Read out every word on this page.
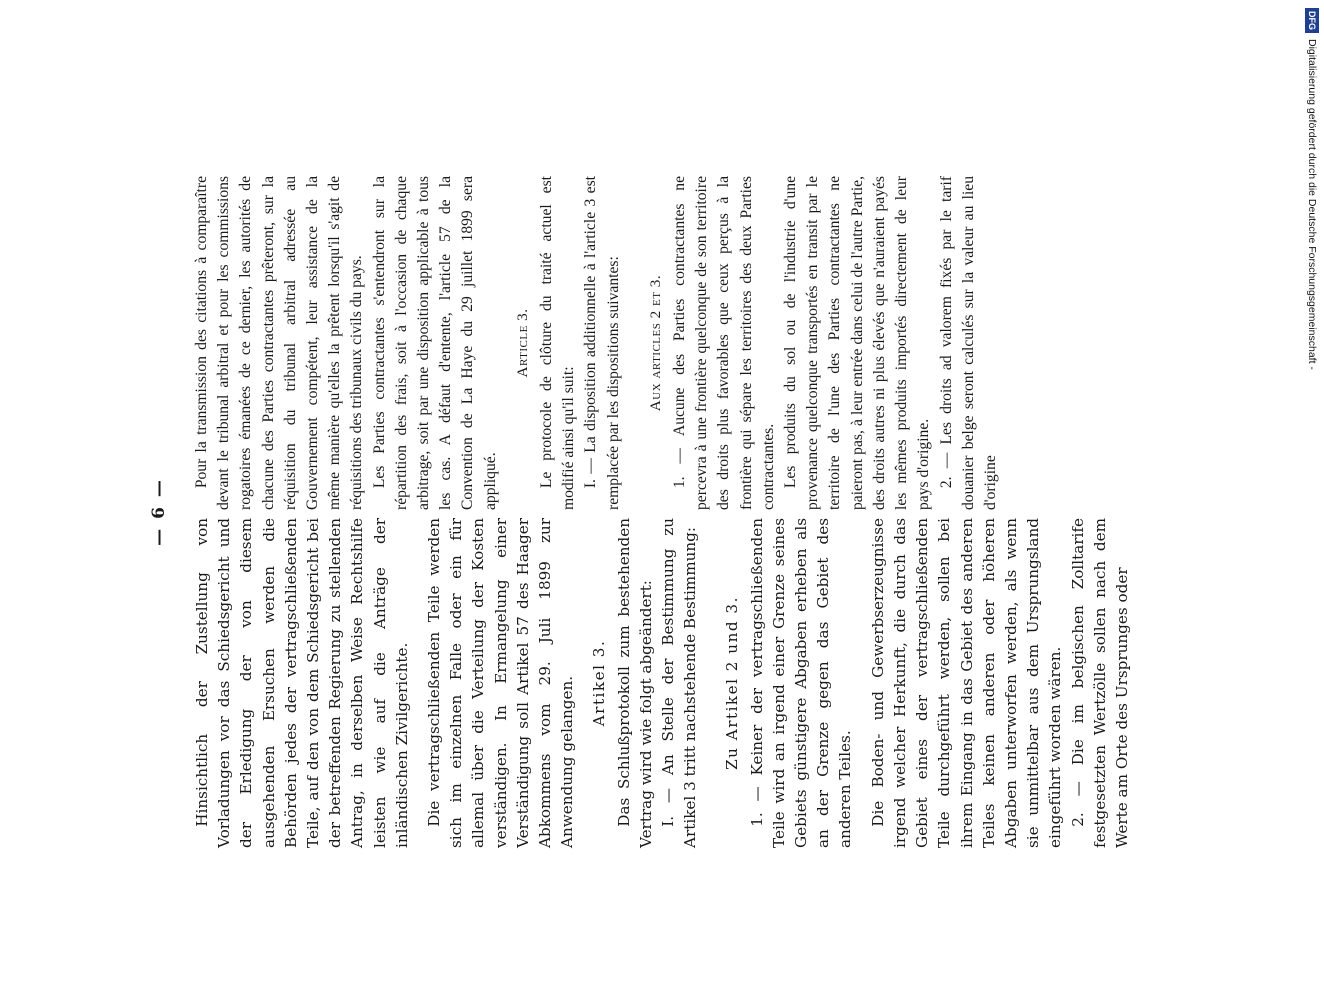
— 6 —

Hinsichtlich der Zustellung von Vorladungen vor das Schiedsgericht und der Erledigung der von diesem ausgehenden Ersuchen werden die Behörden jedes der vertragschließenden Teile, auf den von dem Schiedsgericht bei der betreffenden Regierung zu stellenden Antrag, in derselben Weise Rechtshilfe leisten wie auf die Anträge der inländischen Zivilgerichte. Die vertragschließenden Teile werden sich im einzelnen Falle oder ein für allemal über die Verteilung der Kosten verständigen. In Ermangelung einer Verständigung soll Artikel 57 des Haager Abkommens vom 29. Juli 1899 zur Anwendung gelangen. Artikel 3. Das Schlußprotokoll zum bestehenden Vertrag wird wie folgt abgeändert: I. — An Stelle der Bestimmung zu Artikel 3 tritt nachstehende Bestimmung: Zu Artikel 2 und 3. 1. — Keiner der vertragschließenden Teile wird an irgend einer Grenze seines Gebiets günstigere Abgaben erheben als an der Grenze gegen das Gebiet des anderen Teiles. Die Boden- und Gewerbserzeugnisse irgend welcher Herkunft, die durch das Gebiet eines der vertragschließenden Teile durchgeführt werden, sollen bei ihrem Eingang in das Gebiet des anderen Teiles keinen anderen oder höheren Abgaben unterworfen werden, als wenn sie unmittelbar aus dem Ursprungsland eingeführt worden wären. 2. — Die im belgischen Zolltarife festgesetzten Wertzölle sollen nach dem Werte am Orte des Ursprunges oder

Pour la transmission des citations à comparaître devant le tribunal arbitral et pour les commissions rogatoires émanées de ce dernier, les autorités de chacune des Parties contractantes prêteront, sur la réquisition du tribunal arbitral adressée au Gouvernement compétent, leur assistance de la même manière qu'elles la prêtent lorsqu'il s'agit de réquisitions des tribunaux civils du pays. Les Parties contractantes s'entendront sur la répartition des frais, soit à l'occasion de chaque arbitrage, soit par une disposition applicable à tous les cas. A défaut d'entente, l'article 57 de la Convention de La Haye du 29 juillet 1899 sera appliqué.

Article 3. Le protocole de clôture du traité actuel est modifié ainsi qu'il suit: I. — La disposition additionnelle à l'article 3 est remplacée par les dispositions suivantes: Aux articles 2 et 3. 1. — Aucune des Parties contractantes ne percevra à une frontière quelconque de son territoire des droits plus favorables que ceux perçus à la frontière qui sépare les territoires des deux Parties contractantes. Les produits du sol ou de l'industrie d'une provenance quelconque transportés en transit par le territoire de l'une des Parties contractantes ne paieront pas, à leur entrée dans celui de l'autre Partie, des droits autres ni plus élevés que n'auraient payés les mêmes produits importés directement de leur pays d'origine. 2. — Les droits ad valorem fixés par le tarif douanier belge seront calculés sur la valeur au lieu d'origine

DFGDigitalisierung gefördert durch die Deutsche Forschungsgemeinschaft -
